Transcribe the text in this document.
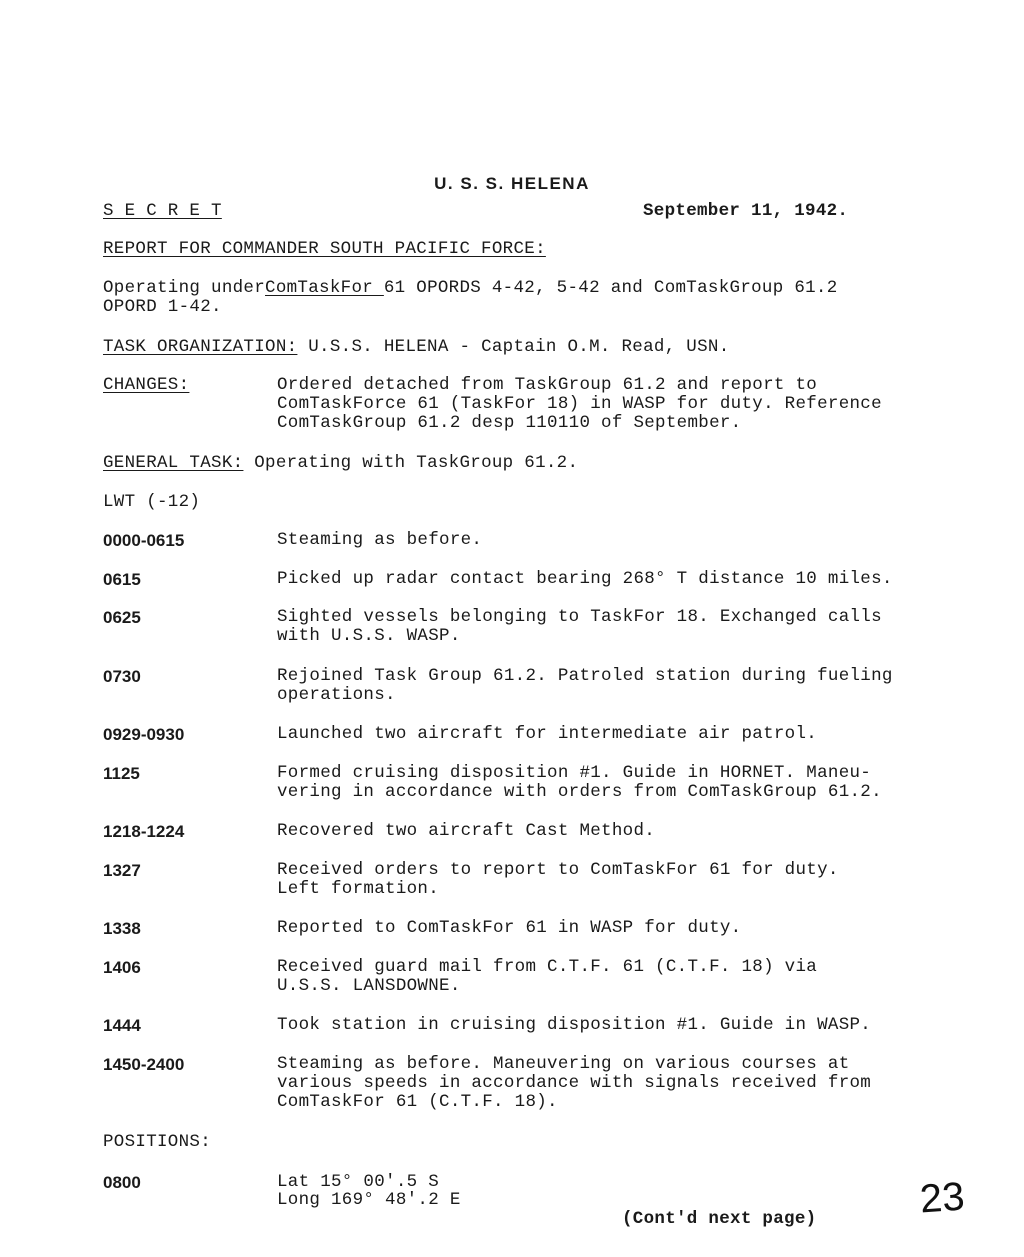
U. S. S. HELENA
S E C R E T	September 11, 1942.
REPORT FOR COMMANDER SOUTH PACIFIC FORCE:
Operating underComTaskFor 61 OPORDS 4-42, 5-42 and ComTaskGroup 61.2
OPORD 1-42.
TASK ORGANIZATION: U.S.S. HELENA - Captain O.M. Read, USN.
CHANGES:	Ordered detached from TaskGroup 61.2 and report to
ComTaskForce 61 (TaskFor 18) in WASP for duty. Reference
ComTaskGroup 61.2 desp 110110 of September.
GENERAL TASK: Operating with TaskGroup 61.2.
LWT (-12)
0000-0615	Steaming as before.
0615	Picked up radar contact bearing 268° T distance 10 miles.
0625	Sighted vessels belonging to TaskFor 18. Exchanged calls
with U.S.S. WASP.
0730	Rejoined Task Group 61.2. Patroled station during fueling
operations.
0929-0930	Launched two aircraft for intermediate air patrol.
1125	Formed cruising disposition #1. Guide in HORNET. Maneu-
vering in accordance with orders from ComTaskGroup 61.2.
1218-1224	Recovered two aircraft Cast Method.
1327	Received orders to report to ComTaskFor 61 for duty.
Left formation.
1338	Reported to ComTaskFor 61 in WASP for duty.
1406	Received guard mail from C.T.F. 61 (C.T.F. 18) via
U.S.S. LANSDOWNE.
1444	Took station in cruising disposition #1. Guide in WASP.
1450-2400	Steaming as before. Maneuvering on various courses at
various speeds in accordance with signals received from
ComTaskFor 61 (C.T.F. 18).
POSITIONS:
0800	Lat 15° 00'.5 S
Long 169° 48'.2 E
(Cont'd next page)	23
